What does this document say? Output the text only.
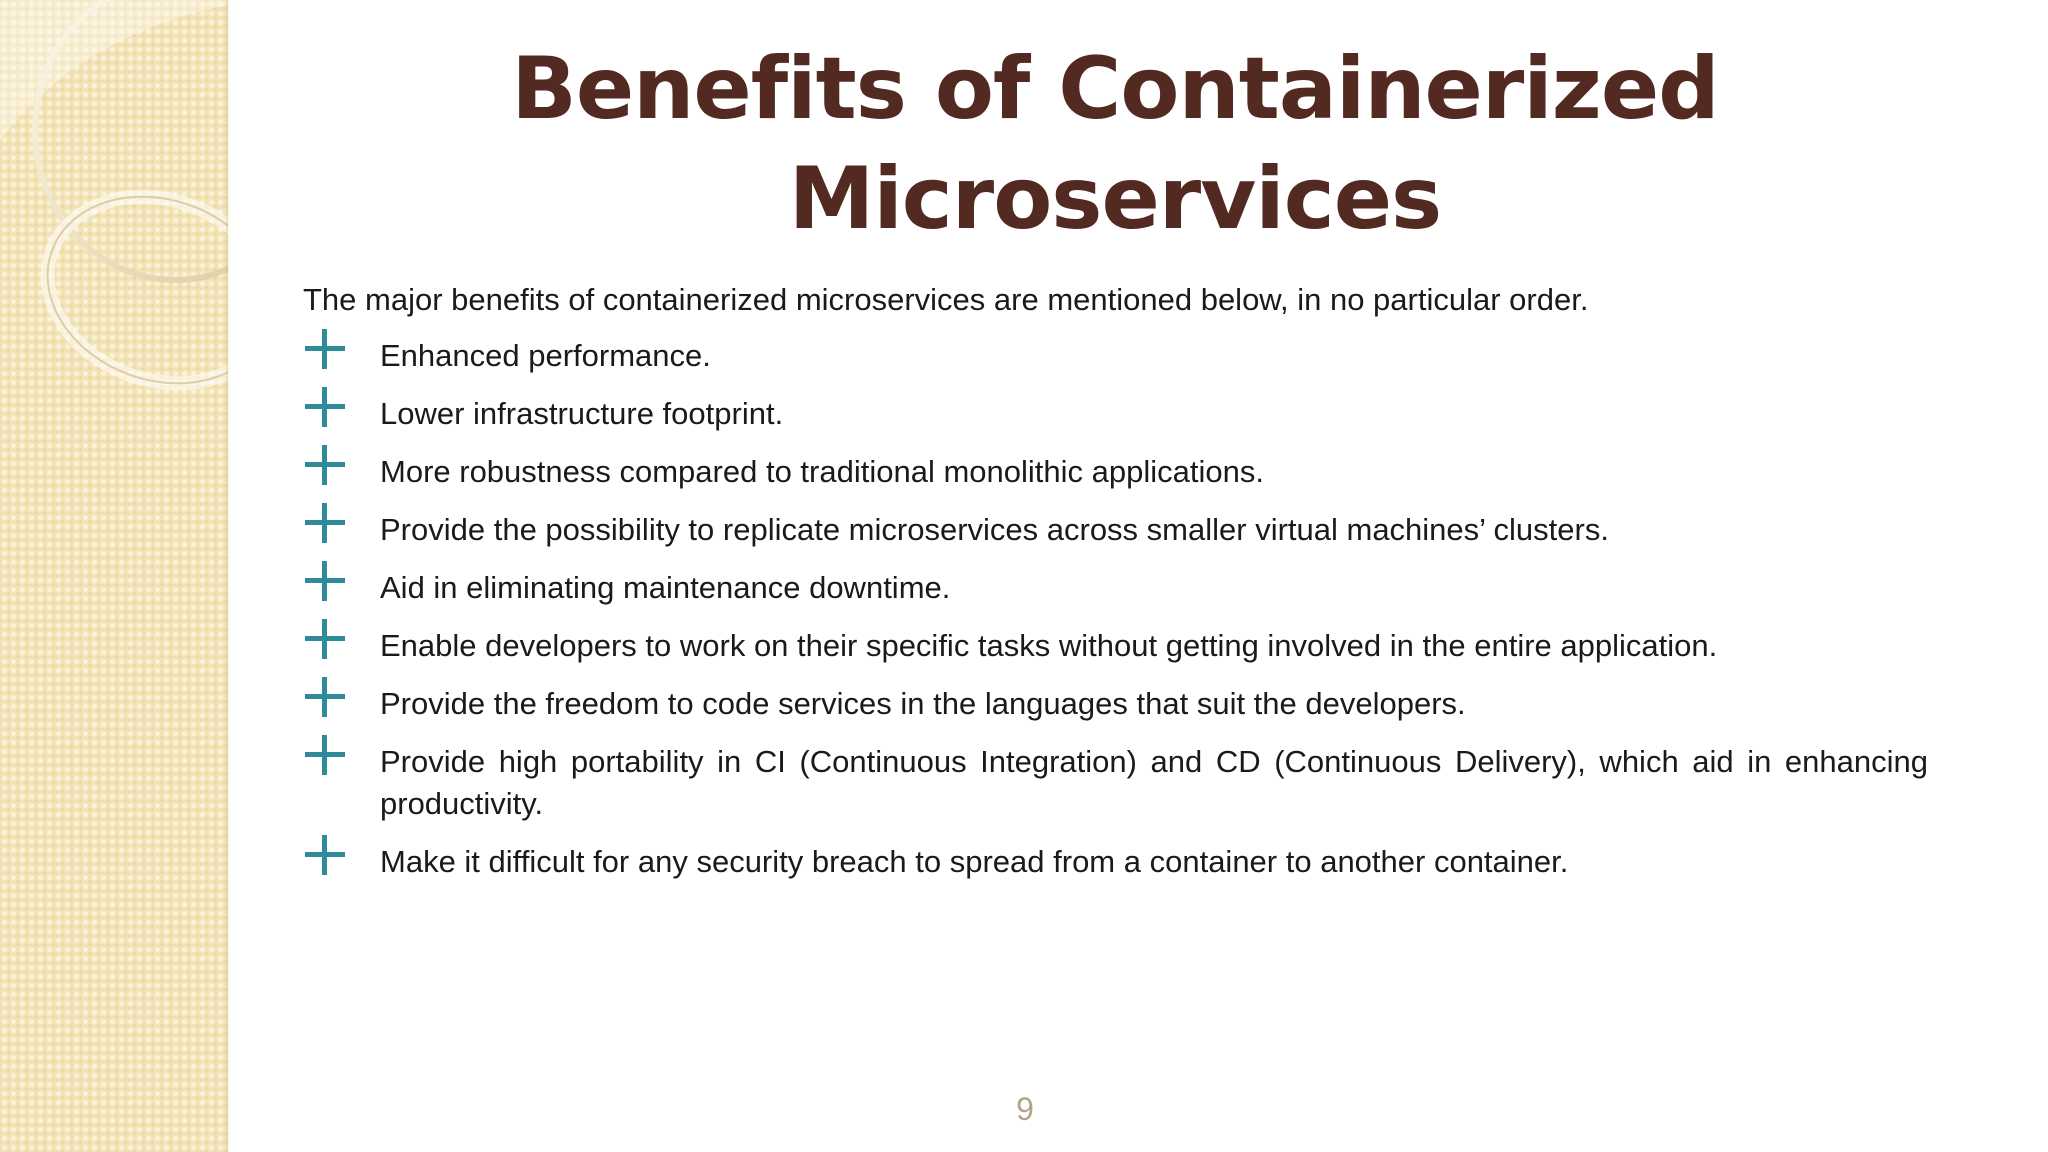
Benefits of Containerized
Microservices

The major benefits of containerized microservices are mentioned below, in no particular order.

Enhanced performance.
Lower infrastructure footprint.
More robustness compared to traditional monolithic applications.
Provide the possibility to replicate microservices across smaller virtual machines’ clusters.
Aid in eliminating maintenance downtime.
Enable developers to work on their specific tasks without getting involved in the entire application.
Provide the freedom to code services in the languages that suit the developers.
Provide high portability in CI (Continuous Integration) and CD (Continuous Delivery), which aid in enhancing productivity.
Make it difficult for any security breach to spread from a container to another container.
9
